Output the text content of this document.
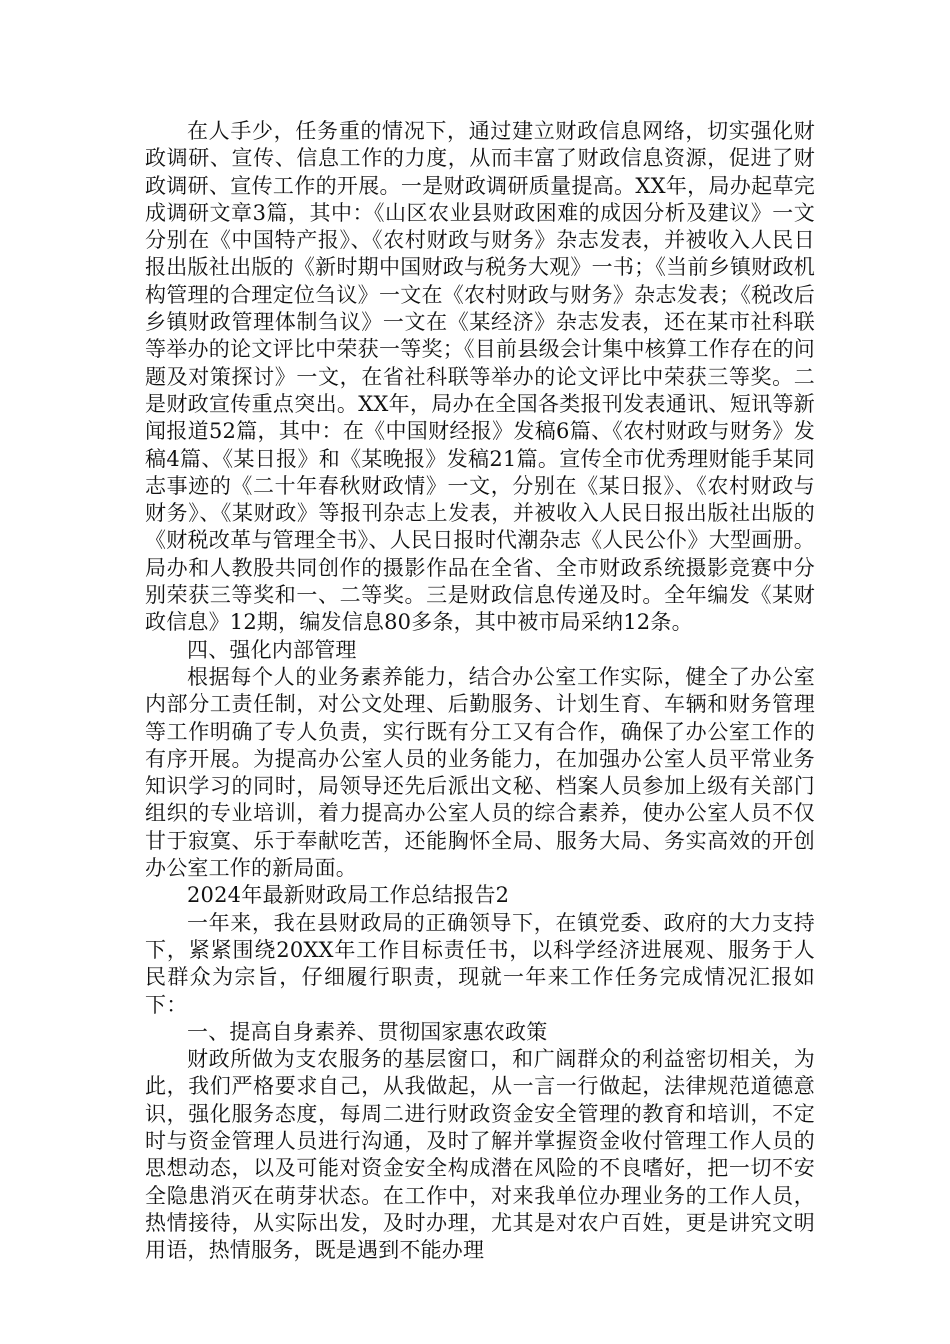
在人手少，任务重的情况下，通过建立财政信息网络，切实强化财政调研、宣传、信息工作的力度，从而丰富了财政信息资源，促进了财政调研、宣传工作的开展。一是财政调研质量提高。XX年，局办起草完成调研文章3篇，其中：《山区农业县财政困难的成因分析及建议》一文分别在《中国特产报》、《农村财政与财务》杂志发表，并被收入人民日报出版社出版的《新时期中国财政与税务大观》一书；《当前乡镇财政机构管理的合理定位刍议》一文在《农村财政与财务》杂志发表；《税改后乡镇财政管理体制刍议》一文在《某经济》杂志发表，还在某市社科联等举办的论文评比中荣获一等奖；《目前县级会计集中核算工作存在的问题及对策探讨》一文，在省社科联等举办的论文评比中荣获三等奖。二是财政宣传重点突出。XX年，局办在全国各类报刊发表通讯、短讯等新闻报道52篇，其中：在《中国财经报》发稿6篇、《农村财政与财务》发稿4篇、《某日报》和《某晚报》发稿21篇。宣传全市优秀理财能手某同志事迹的《二十年春秋财政情》一文，分别在《某日报》、《农村财政与财务》、《某财政》等报刊杂志上发表，并被收入人民日报出版社出版的《财税改革与管理全书》、人民日报时代潮杂志《人民公仆》大型画册。局办和人教股共同创作的摄影作品在全省、全市财政系统摄影竞赛中分别荣获三等奖和一、二等奖。三是财政信息传递及时。全年编发《某财政信息》12期，编发信息80多条，其中被市局采纳12条。

四、强化内部管理

根据每个人的业务素养能力，结合办公室工作实际，健全了办公室内部分工责任制，对公文处理、后勤服务、计划生育、车辆和财务管理等工作明确了专人负责，实行既有分工又有合作，确保了办公室工作的有序开展。为提高办公室人员的业务能力，在加强办公室人员平常业务知识学习的同时，局领导还先后派出文秘、档案人员参加上级有关部门组织的专业培训，着力提高办公室人员的综合素养，使办公室人员不仅甘于寂寞、乐于奉献吃苦，还能胸怀全局、服务大局、务实高效的开创办公室工作的新局面。

2024年最新财政局工作总结报告2

一年来，我在县财政局的正确领导下，在镇党委、政府的大力支持下，紧紧围绕20XX年工作目标责任书，以科学经济进展观、服务于人民群众为宗旨，仔细履行职责，现就一年来工作任务完成情况汇报如下：

一、提高自身素养、贯彻国家惠农政策

财政所做为支农服务的基层窗口，和广阔群众的利益密切相关，为此，我们严格要求自己，从我做起，从一言一行做起，法律规范道德意识，强化服务态度，每周二进行财政资金安全管理的教育和培训，不定时与资金管理人员进行沟通，及时了解并掌握资金收付管理工作人员的思想动态，以及可能对资金安全构成潜在风险的不良嗜好，把一切不安全隐患消灭在萌芽状态。在工作中，对来我单位办理业务的工作人员，热情接待，从实际出发，及时办理，尤其是对农户百姓，更是讲究文明用语，热情服务，既是遇到不能办理
